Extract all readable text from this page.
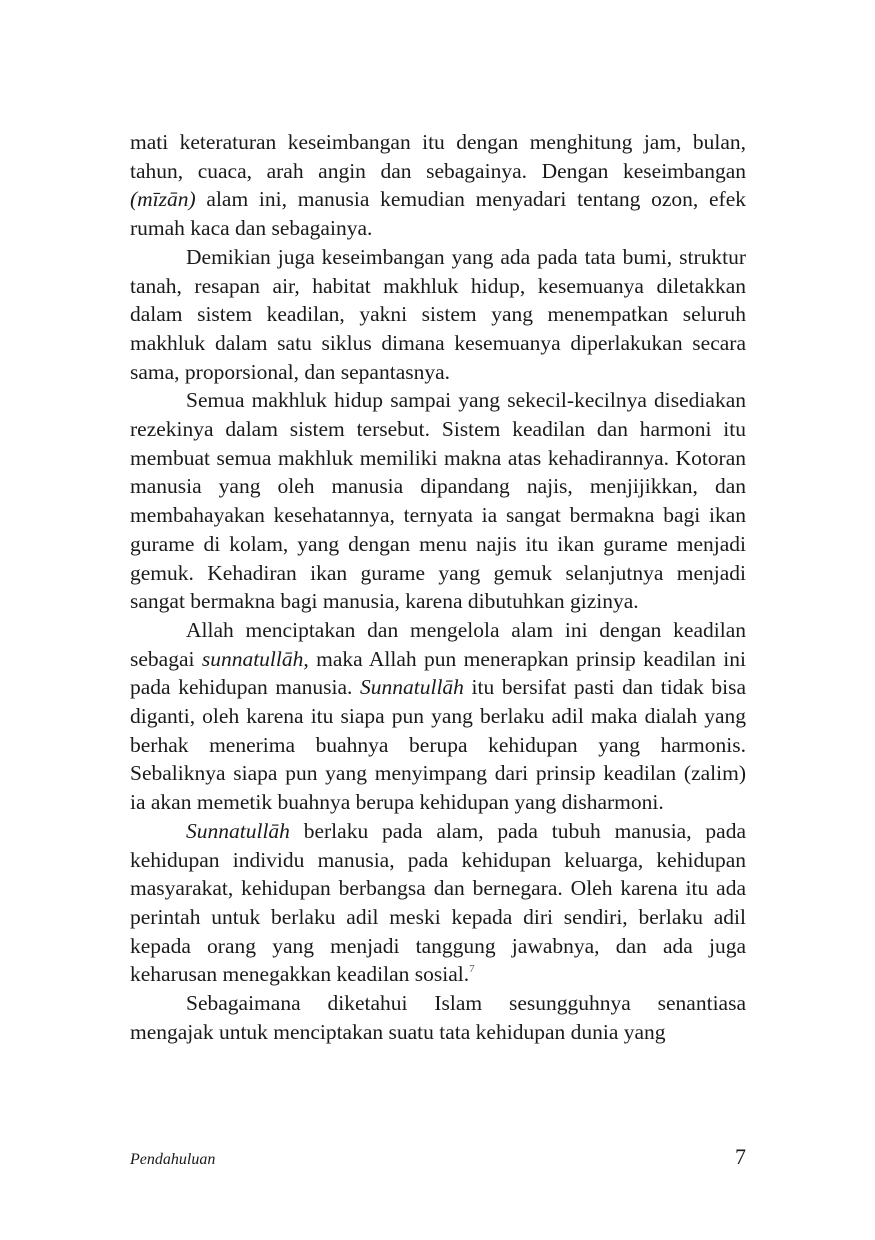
mati keteraturan keseimbangan itu dengan menghitung jam, bulan, tahun, cuaca, arah angin dan sebagainya. Dengan keseimbangan (mīzān) alam ini, manusia kemudian menyadari tentang ozon, efek rumah kaca dan sebagainya.

Demikian juga keseimbangan yang ada pada tata bumi, struktur tanah, resapan air, habitat makhluk hidup, kesemuanya diletakkan dalam sistem keadilan, yakni sistem yang menempatkan seluruh makhluk dalam satu siklus dimana kesemuanya diperlakukan secara sama, proporsional, dan sepantasnya.

Semua makhluk hidup sampai yang sekecil-kecilnya disediakan rezekinya dalam sistem tersebut. Sistem keadilan dan harmoni itu membuat semua makhluk memiliki makna atas kehadirannya. Kotoran manusia yang oleh manusia dipandang najis, menjijikkan, dan membahayakan kesehatannya, ternyata ia sangat bermakna bagi ikan gurame di kolam, yang dengan menu najis itu ikan gurame menjadi gemuk. Kehadiran ikan gurame yang gemuk selanjutnya menjadi sangat bermakna bagi manusia, karena dibutuhkan gizinya.

Allah menciptakan dan mengelola alam ini dengan keadilan sebagai sunnatullāh, maka Allah pun menerapkan prinsip keadilan ini pada kehidupan manusia. Sunnatullāh itu bersifat pasti dan tidak bisa diganti, oleh karena itu siapa pun yang berlaku adil maka dialah yang berhak menerima buahnya berupa kehidupan yang harmonis. Sebaliknya siapa pun yang menyimpang dari prinsip keadilan (zalim) ia akan memetik buahnya berupa kehidupan yang disharmoni.

Sunnatullāh berlaku pada alam, pada tubuh manusia, pada kehidupan individu manusia, pada kehidupan keluarga, kehidupan masyarakat, kehidupan berbangsa dan bernegara. Oleh karena itu ada perintah untuk berlaku adil meski kepada diri sendiri, berlaku adil kepada orang yang menjadi tanggung jawabnya, dan ada juga keharusan menegakkan keadilan sosial.$^7$

Sebagaimana diketahui Islam sesungguhnya senantiasa mengajak untuk menciptakan suatu tata kehidupan dunia yang

Pendahuluan	7
